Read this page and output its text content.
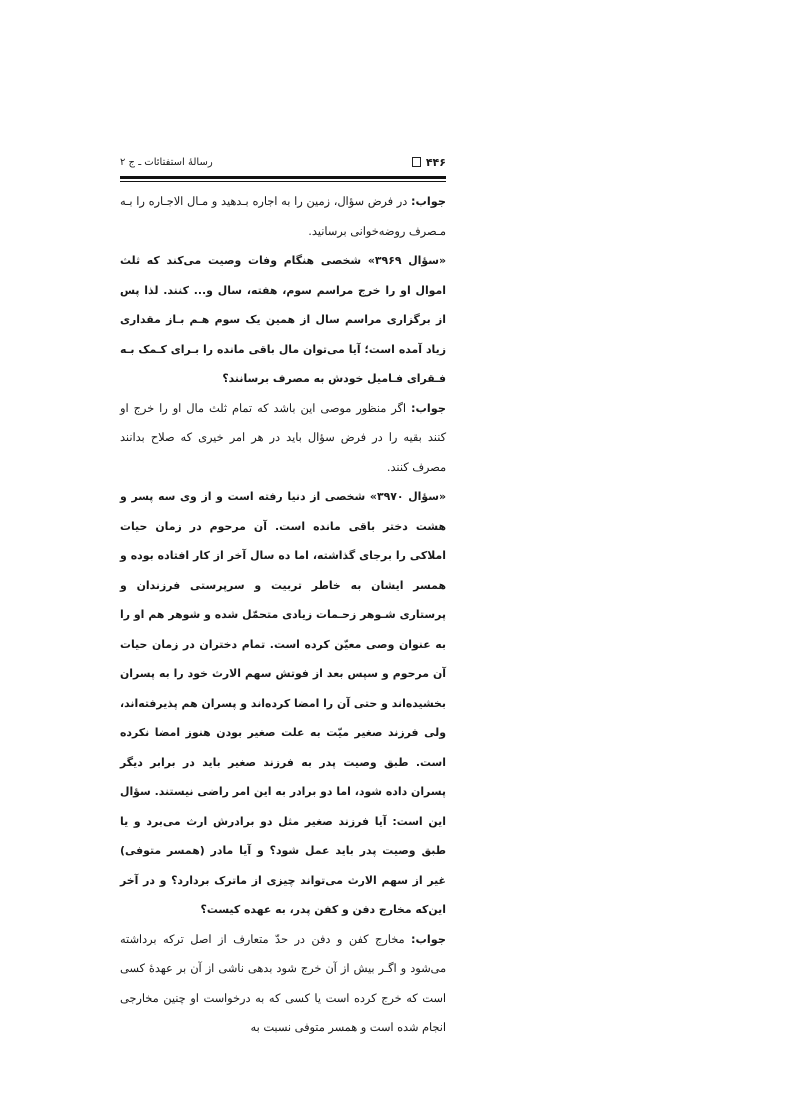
۴۴۶
رسالهٔ استفتائات ـ ج ۲

جواب: در فرض سؤال، زمین را به اجاره بـدهید و مـال الاجـاره را بـه مـصرف روضه‌خوانی برسانید.

«سؤال ۳۹۶۹» شخصی هنگام وفات وصیت می‌کند که ثلث اموال او را خرج مراسم سوم، هفته، سال و... کنند. لذا پس از برگزاری مراسم سال از همین یک سوم هـم بـاز مقداری زیاد آمده است؛ آیا می‌توان مال باقی مانده را بـرای کـمک بـه فـقرای فـامیل خودش به مصرف برسانند؟

جواب: اگر منظور موصی این باشد که تمام ثلث مال او را خرج او کنند بقیه را در فرض سؤال باید در هر امر خیری که صلاح بدانند مصرف کنند.

«سؤال ۳۹۷۰» شخصی از دنیا رفته است و از وی سه پسر و هشت دختر باقی مانده است. آن مرحوم در زمان حیات املاکی را برجای گذاشته، اما ده سال آخر از کار افتاده بوده و همسر ایشان به خاطر تربیت و سرپرستی فرزندان و پرستاری شـوهر زحـمات زیادی متحمّل شده و شوهر هم او را به عنوان وصی معیّن کرده است. تمام دختران در زمان حیات آن مرحوم و سپس بعد از فوتش سهم الارث خود را به پسران بخشیده‌اند و حتی آن را امضا کرده‌اند و پسران هم پذیرفته‌اند، ولی فرزند صغیر میّت به علت صغیر بودن هنوز امضا نکرده است. طبق وصیت پدر به فرزند صغیر باید در برابر دیگر پسران داده شود، اما دو برادر به این امر راضی نیستند. سؤال این است: آیا فرزند صغیر مثل دو برادرش ارث می‌برد و یا طبق وصیت پدر باید عمل شود؟ و آیا مادر (همسر متوفی) غیر از سهم الارث می‌تواند چیزی از ماترک بردارد؟ و در آخر این‌که مخارج دفن و کفن پدر، به عهده کیست؟

جواب: مخارج کفن و دفن در حدّ متعارف از اصل ترکه برداشته می‌شود و اگـر بیش از آن خرج شود بدهی ناشی از آن بر عهدهٔ کسی است که خرج کرده است یا کسی که به درخواست او چنین مخارجی انجام شده است و همسر متوفی نسبت به
